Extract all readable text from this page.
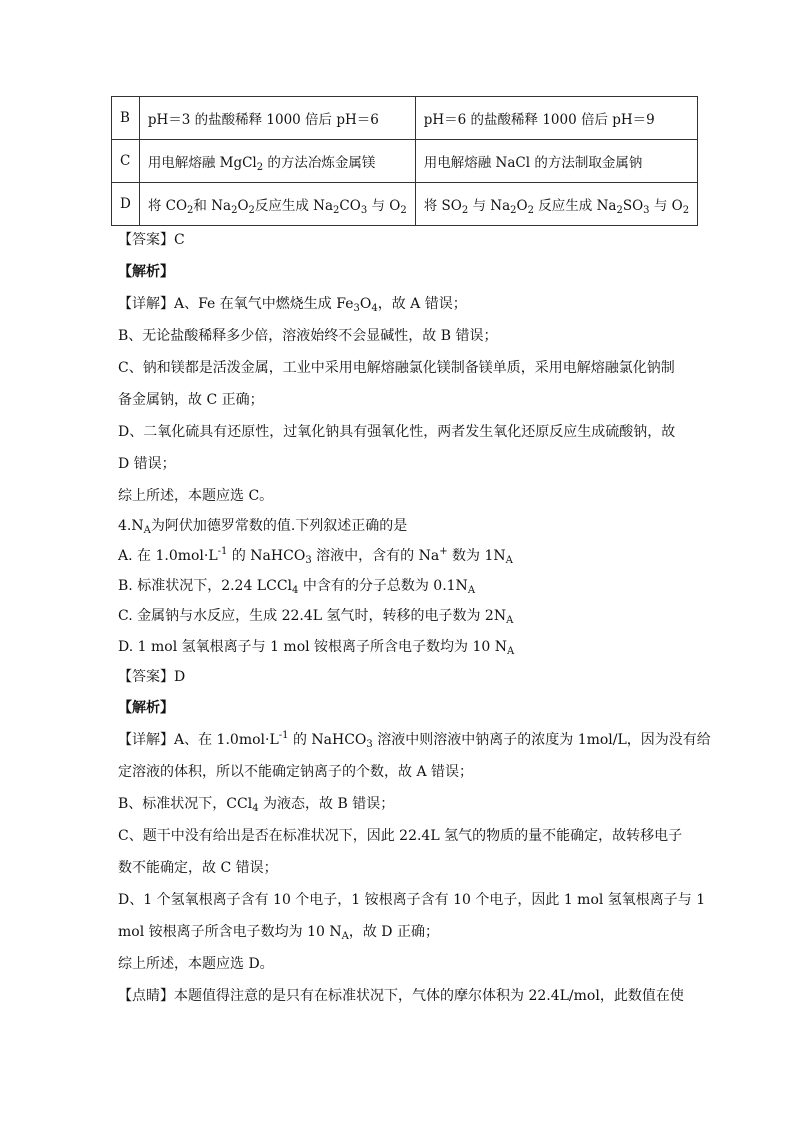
B	pH＝3 的盐酸稀释 1000 倍后 pH＝6	pH＝6 的盐酸稀释 1000 倍后 pH＝9
C	用电解熔融 MgCl$_2$ 的方法冶炼金属镁	用电解熔融 NaCl 的方法制取金属钠
D	将 $CO_2$和 $Na_2O_2$反应生成 $Na_2CO_3$ 与 $O_2$	将 $SO_2$ 与 $Na_2O_2$ 反应生成 $Na_2SO_3$ 与 $O_2$
【答案】C
【解析】
【详解】A、Fe 在氧气中燃烧生成 $Fe_3O_4$，故 A 错误；
B、无论盐酸稀释多少倍，溶液始终不会显碱性，故 B 错误；
C、钠和镁都是活泼金属，工业中采用电解熔融氯化镁制备镁单质，采用电解熔融氯化钠制
备金属钠，故 C 正确；
D、二氧化硫具有还原性，过氧化钠具有强氧化性，两者发生氧化还原反应生成硫酸钠，故
D 错误；
综上所述，本题应选 C。
$4.N_A$为阿伏加德罗常数的值.下列叙述正确的是
A. 在 $1.0mol\cdot L^{-1}$ 的 NaHCO$_3$ 溶液中，含有的 Na+ 数为 $1N_A$
B. 标准状况下，2.24 LCCl$_4$ 中含有的分子总数为 $0.1N_A$
C. 金属钠与水反应，生成 22.4L 氢气时，转移的电子数为 $2N_A$
D. 1 mol 氢氧根离子与 1 mol 铵根离子所含电子数均为 10 $N_A$
【答案】D
【解析】
【详解】A、在 $1.0mol\cdot L^{-1}$ 的 NaHCO$_3$ 溶液中则溶液中钠离子的浓度为 1mol/L，因为没有给
定溶液的体积，所以不能确定钠离子的个数，故 A 错误；
B、标准状况下，CCl$_4$ 为液态，故 B 错误；
C、题干中没有给出是否在标准状况下，因此 22.4L 氢气的物质的量不能确定，故转移电子
数不能确定，故 C 错误；
D、1 个氢氧根离子含有 10 个电子，1 铵根离子含有 10 个电子，因此 1 mol 氢氧根离子与 1
mol 铵根离子所含电子数均为 10 $N_A$，故 D 正确；
综上所述，本题应选 D。
【点睛】本题值得注意的是只有在标准状况下，气体的摩尔体积为 22.4L/mol，此数值在使
